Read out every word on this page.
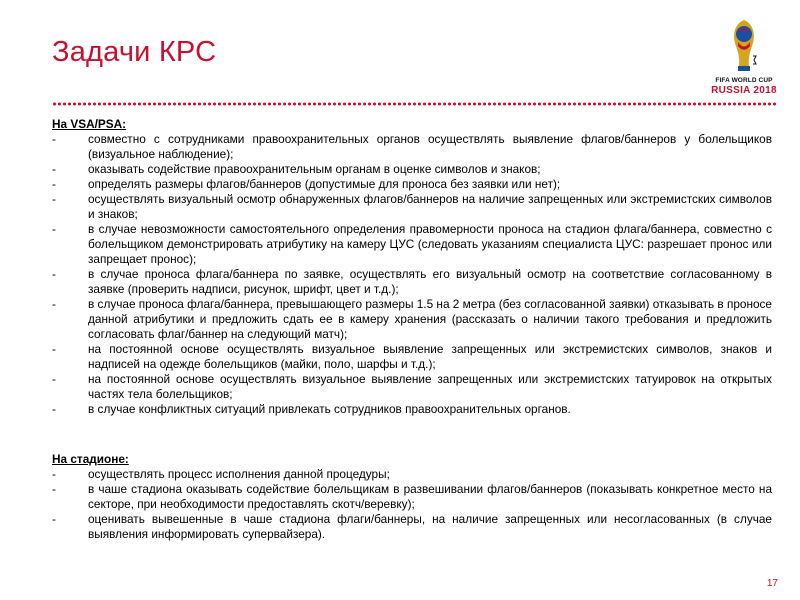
Задачи КРС
FIFA WORLD CUP
RUSSIA 2018

На VSA/PSA:

-	совместно с сотрудниками правоохранительных органов осуществлять выявление флагов/баннеров у болельщиков (визуальное наблюдение);
-	оказывать содействие правоохранительным органам в оценке символов и знаков;
-	определять размеры флагов/баннеров (допустимые для проноса без заявки или нет);
-	осуществлять визуальный осмотр обнаруженных флагов/баннеров на наличие запрещенных или экстремистских символов и знаков;
-	в случае невозможности самостоятельного определения правомерности проноса на стадион флага/баннера, совместно с болельщиком демонстрировать атрибутику на камеру ЦУС (следовать указаниям специалиста ЦУС: разрешает пронос или запрещает пронос);
-	в случае проноса флага/баннера по заявке, осуществлять его визуальный осмотр на соответствие согласованному в заявке (проверить надписи, рисунок, шрифт, цвет и т.д.);
-	в случае проноса флага/баннера, превышающего размеры 1.5 на 2 метра (без согласованной заявки) отказывать в проносе данной атрибутики и предложить сдать ее в камеру хранения (рассказать о наличии такого требования и предложить согласовать флаг/баннер на следующий матч);
-	на постоянной основе осуществлять визуальное выявление запрещенных или экстремистских символов, знаков и надписей на одежде болельщиков (майки, поло, шарфы и т.д.);
-	на постоянной основе осуществлять визуальное выявление запрещенных или экстремистских татуировок на открытых частях тела болельщиков;
-	в случае конфликтных ситуаций привлекать сотрудников правоохранительных органов.

На стадионе:

-	осуществлять процесс исполнения данной процедуры;
-	в чаше стадиона оказывать содействие болельщикам в развешивании флагов/баннеров (показывать конкретное место на секторе, при необходимости предоставлять скотч/веревку);
-	оценивать вывешенные в чаше стадиона флаги/баннеры, на наличие запрещенных или несогласованных (в случае выявления информировать супервайзера).
17
